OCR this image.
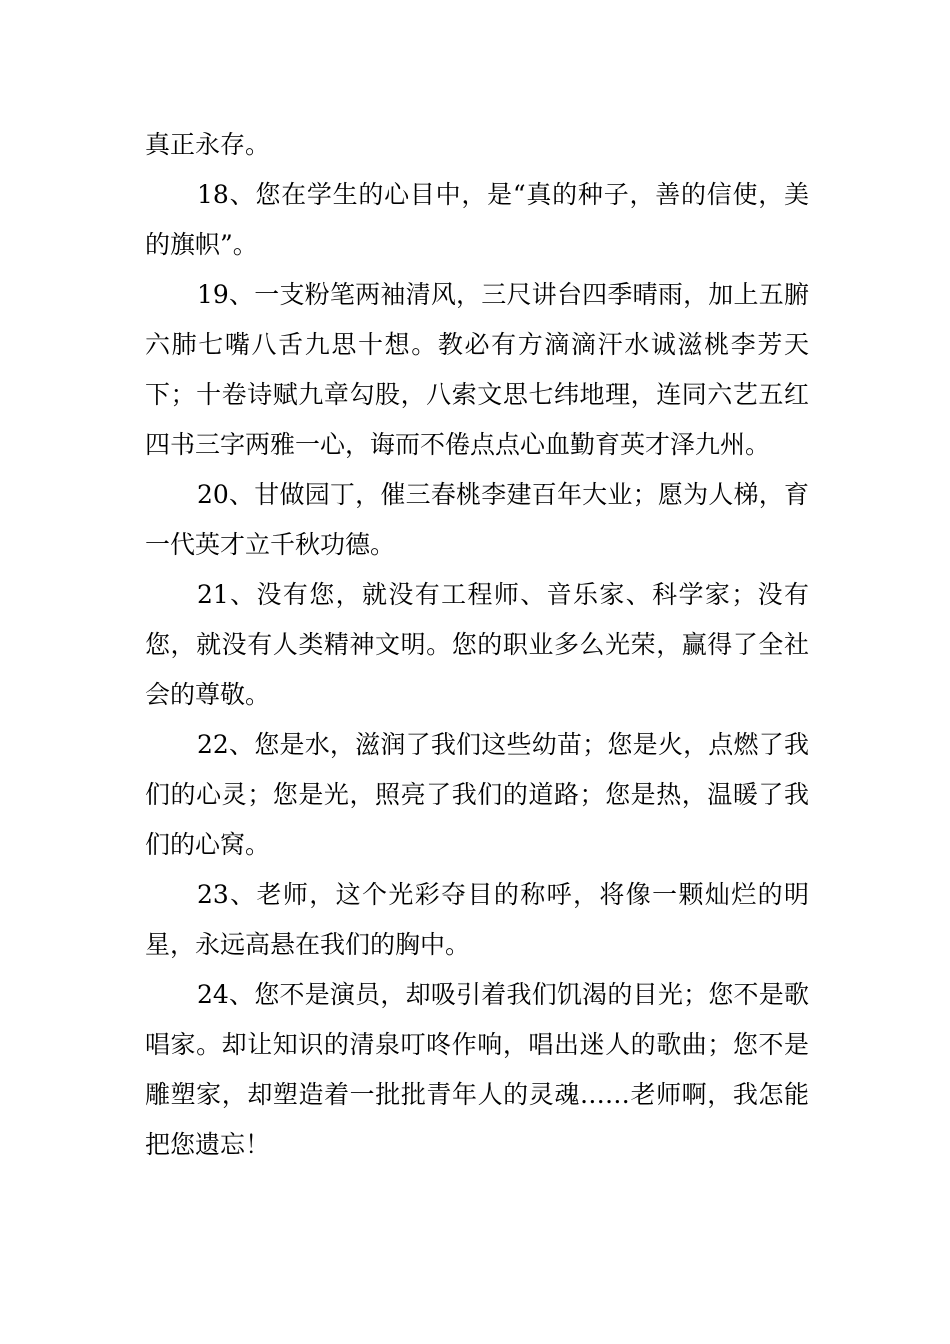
真正永存。

18、您在学生的心目中，是“真的种子，善的信使，美的旗帜”。

19、一支粉笔两袖清风，三尺讲台四季晴雨，加上五腑六肺七嘴八舌九思十想。教必有方滴滴汗水诚滋桃李芳天下；十卷诗赋九章勾股，八索文思七纬地理，连同六艺五红四书三字两雅一心，诲而不倦点点心血勤育英才泽九州。

20、甘做园丁，催三春桃李建百年大业；愿为人梯，育一代英才立千秋功德。

21、没有您，就没有工程师、音乐家、科学家；没有您，就没有人类精神文明。您的职业多么光荣，赢得了全社会的尊敬。

22、您是水，滋润了我们这些幼苗；您是火，点燃了我们的心灵；您是光，照亮了我们的道路；您是热，温暖了我们的心窝。

23、老师，这个光彩夺目的称呼，将像一颗灿烂的明星，永远高悬在我们的胸中。

24、您不是演员，却吸引着我们饥渴的目光；您不是歌唱家。却让知识的清泉叮咚作响，唱出迷人的歌曲；您不是雕塑家，却塑造着一批批青年人的灵魂……老师啊，我怎能把您遗忘！
